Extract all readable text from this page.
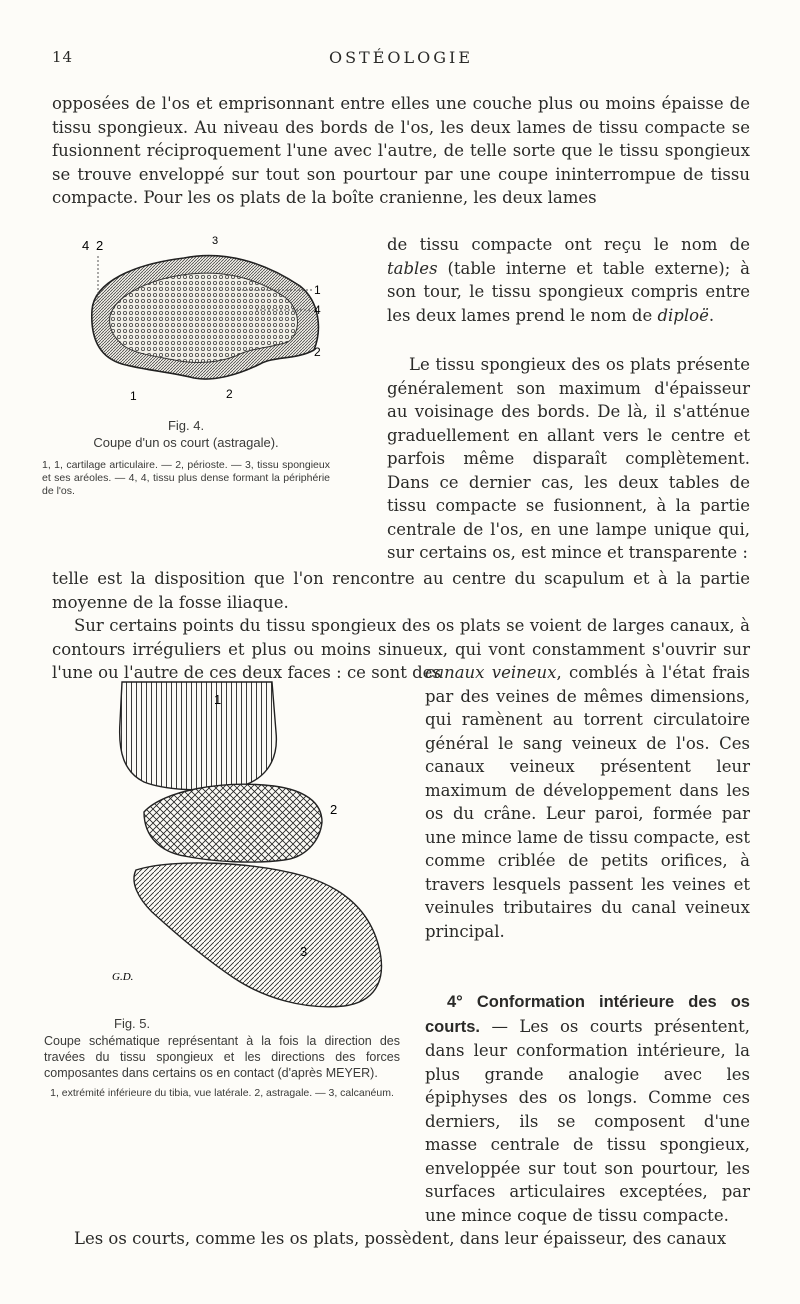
14	OSTÉOLOGIE

opposées de l'os et emprisonnant entre elles une couche plus ou moins épaisse de tissu spongieux. Au niveau des bords de l'os, les deux lames de tissu compacte se fusionnent réciproquement l'une avec l'autre, de telle sorte que le tissu spongieux se trouve enveloppé sur tout son pourtour par une coupe ininterrompue de tissu compacte. Pour les os plats de la boîte cranienne, les deux lames

4 2	3
1
4
2
1	2
Fig. 4.
Coupe d'un os court (astragale).
1, 1, cartilage articulaire. — 2, périoste. — 3, tissu spongieux et ses aréoles. — 4, 4, tissu plus dense formant la périphérie de l'os.

de tissu compacte ont reçu le nom de tables (table interne et table externe); à son tour, le tissu spongieux compris entre les deux lames prend le nom de diploë.

Le tissu spongieux des os plats présente généralement son maximum d'épaisseur au voisinage des bords. De là, il s'atténue graduellement en allant vers le centre et parfois même disparaît complètement. Dans ce dernier cas, les deux tables de tissu compacte se fusionnent, à la partie centrale de l'os, en une lampe unique qui, sur certains os, est mince et transparente :

telle est la disposition que l'on rencontre au centre du scapulum et à la partie moyenne de la fosse iliaque.

Sur certains points du tissu spongieux des os plats se voient de larges canaux, à contours irréguliers et plus ou moins sinueux, qui vont constamment s'ouvrir sur l'une ou l'autre de ces deux faces : ce sont des

1
2
3
G.D.
Fig. 5.
Coupe schématique représentant à la fois la direction des travées du tissu spongieux et les directions des forces composantes dans certains os en contact (d'après MEYER).
1, extrémité inférieure du tibia, vue latérale. 2, astragale. — 3, calcanéum.

canaux veineux, comblés à l'état frais par des veines de mêmes dimensions, qui ramènent au torrent circulatoire général le sang veineux de l'os. Ces canaux veineux présentent leur maximum de développement dans les os du crâne. Leur paroi, formée par une mince lame de tissu compacte, est comme criblée de petits orifices, à travers lesquels passent les veines et veinules tributaires du canal veineux principal.

4° Conformation intérieure des os courts. — Les os courts présentent, dans leur conformation intérieure, la plus grande analogie avec les épiphyses des os longs. Comme ces derniers, ils se composent d'une masse centrale de tissu spongieux, enveloppée sur tout son pourtour, les surfaces articulaires exceptées, par une mince coque de tissu compacte.

Les os courts, comme les os plats, possèdent, dans leur épaisseur, des canaux
